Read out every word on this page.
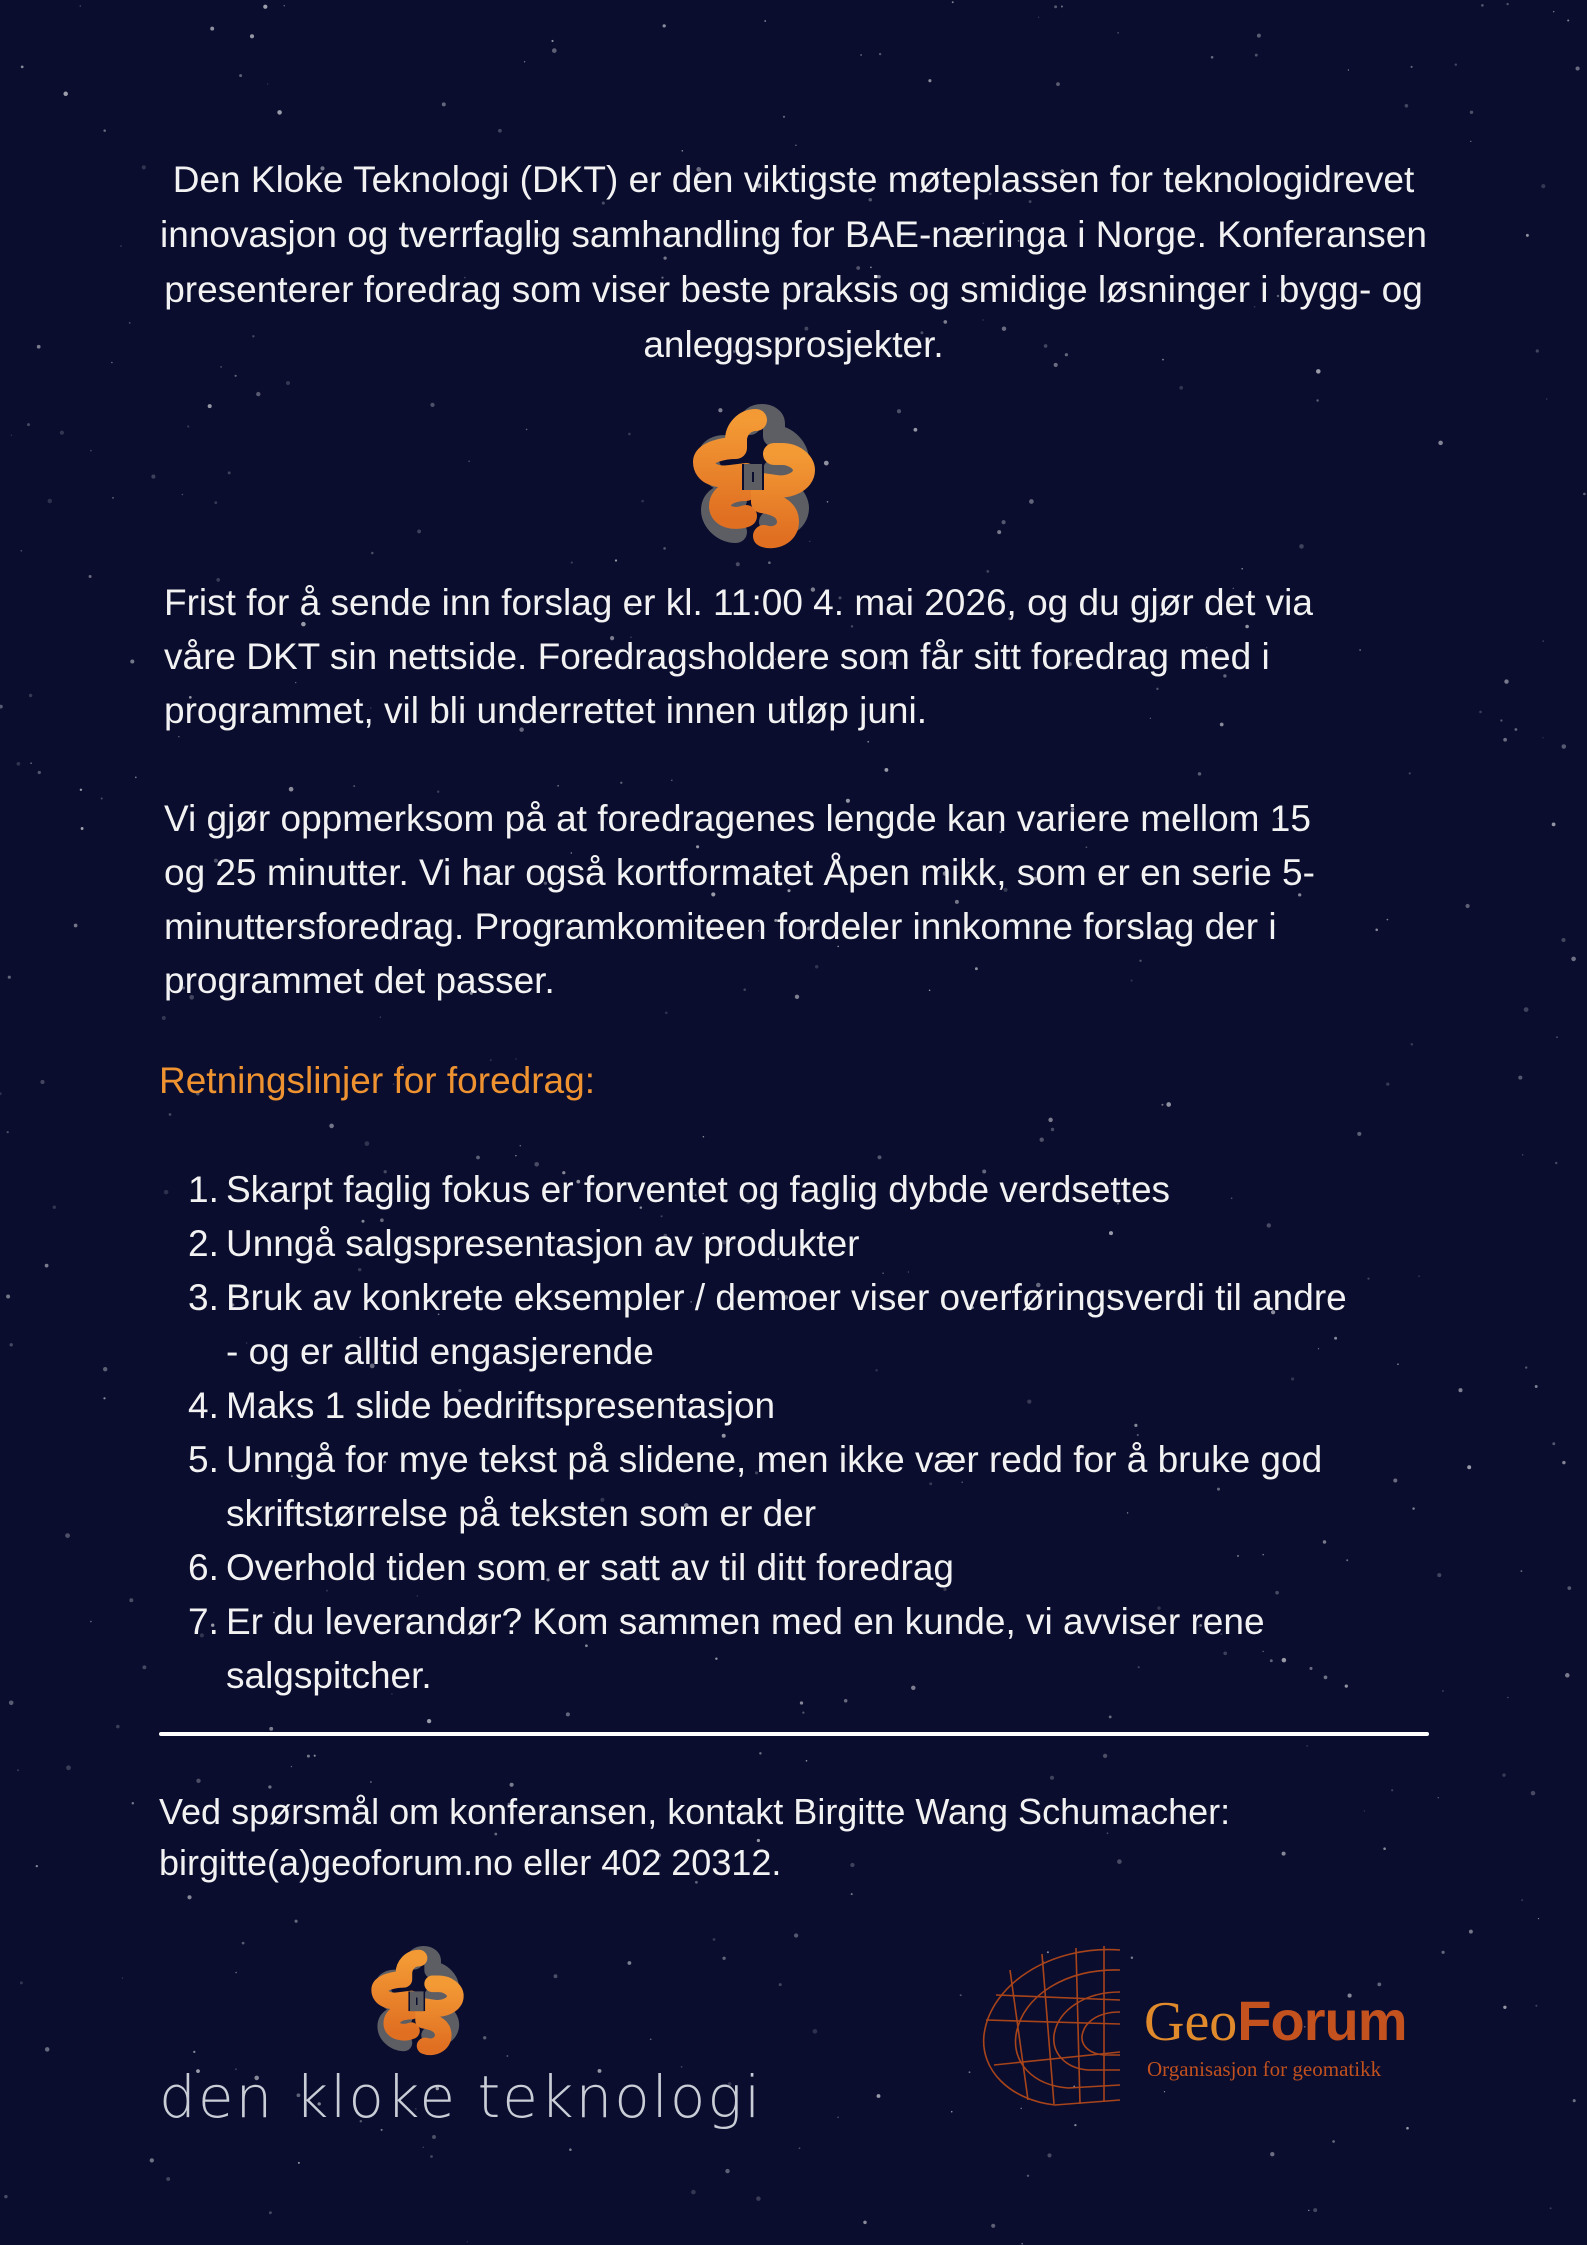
Den Kloke Teknologi (DKT) er den viktigste møteplassen for teknologidrevet innovasjon og tverrfaglig samhandling for BAE-næringa i Norge. Konferansen presenterer foredrag som viser beste praksis og smidige løsninger i bygg- og anleggsprosjekter.
Frist for å sende inn forslag er kl. 11:00 4. mai 2026, og du gjør det via
våre DKT sin nettside. Foredragsholdere som får sitt foredrag med i
programmet, vil bli underrettet innen utløp juni.
Vi gjør oppmerksom på at foredragenes lengde kan variere mellom 15
og 25 minutter. Vi har også kortformatet Åpen mikk, som er en serie 5-
minuttersforedrag. Programkomiteen fordeler innkomne forslag der i
programmet det passer.
Retningslinjer for foredrag:
1. Skarpt faglig fokus er forventet og faglig dybde verdsettes
2. Unngå salgspresentasjon av produkter
3. Bruk av konkrete eksempler / demoer viser overføringsverdi til andre
- og er alltid engasjerende
4. Maks 1 slide bedriftspresentasjon
5. Unngå for mye tekst på slidene, men ikke vær redd for å bruke god
skriftstørrelse på teksten som er der
6. Overhold tiden som er satt av til ditt foredrag
7. Er du leverandør? Kom sammen med en kunde, vi avviser rene
salgspitcher.
Ved spørsmål om konferansen, kontakt Birgitte Wang Schumacher:
birgitte(a)geoforum.no eller 402 20312.
den kloke teknologi
GeoForum
Organisasjon for geomatikk
